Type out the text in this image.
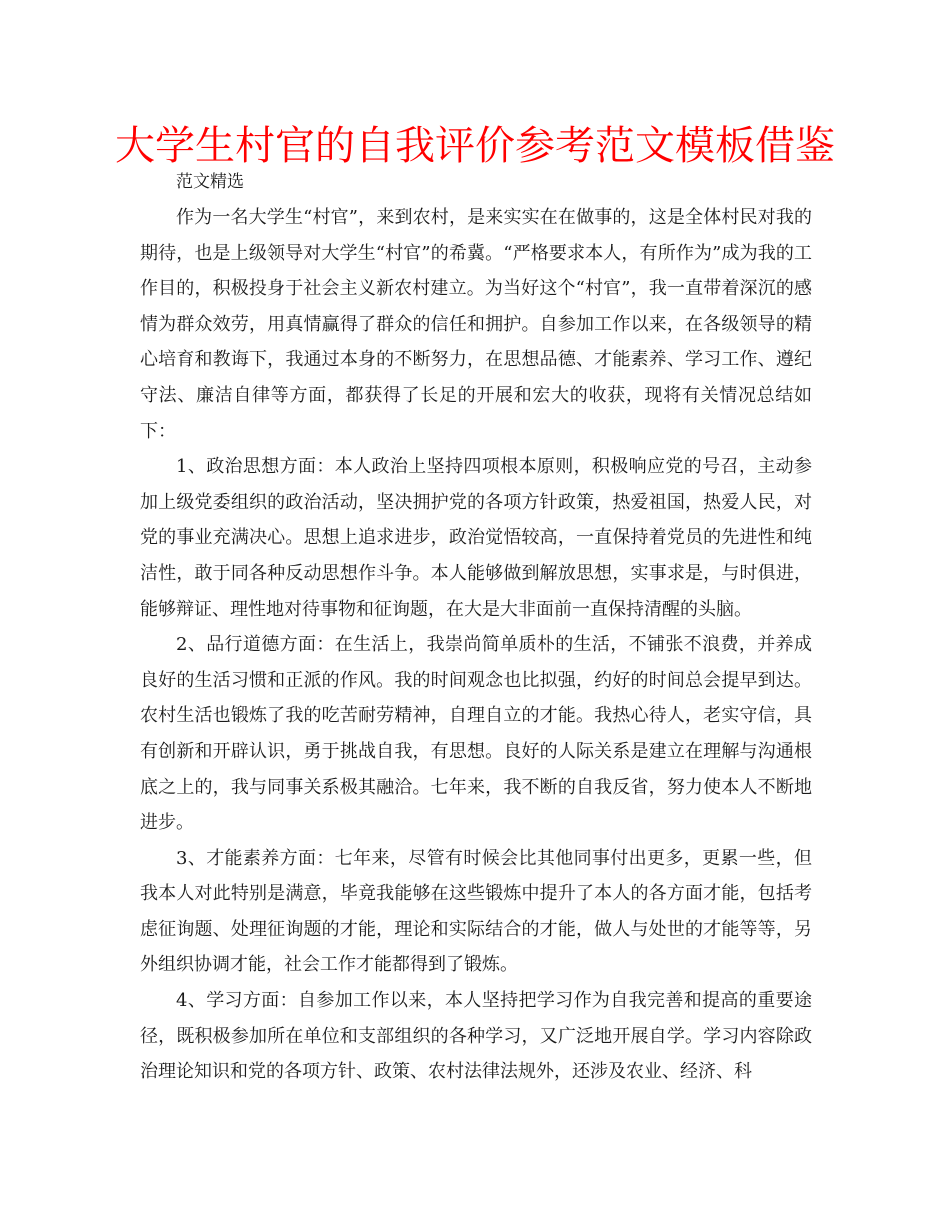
大学生村官的自我评价参考范文模板借鉴
范文精选

作为一名大学生“村官”，来到农村，是来实实在在做事的，这是全体村民对我的期待，也是上级领导对大学生“村官”的希冀。“严格要求本人，有所作为”成为我的工作目的，积极投身于社会主义新农村建立。为当好这个“村官”，我一直带着深沉的感情为群众效劳，用真情赢得了群众的信任和拥护。自参加工作以来，在各级领导的精心培育和教诲下，我通过本身的不断努力，在思想品德、才能素养、学习工作、遵纪守法、廉洁自律等方面，都获得了长足的开展和宏大的收获，现将有关情况总结如下：

1、政治思想方面：本人政治上坚持四项根本原则，积极响应党的号召，主动参加上级党委组织的政治活动，坚决拥护党的各项方针政策，热爱祖国，热爱人民，对党的事业充满决心。思想上追求进步，政治觉悟较高，一直保持着党员的先进性和纯洁性，敢于同各种反动思想作斗争。本人能够做到解放思想，实事求是，与时俱进，能够辩证、理性地对待事物和征询题，在大是大非面前一直保持清醒的头脑。

2、品行道德方面：在生活上，我崇尚简单质朴的生活，不铺张不浪费，并养成良好的生活习惯和正派的作风。我的时间观念也比拟强，约好的时间总会提早到达。农村生活也锻炼了我的吃苦耐劳精神，自理自立的才能。我热心待人，老实守信，具有创新和开辟认识，勇于挑战自我，有思想。良好的人际关系是建立在理解与沟通根底之上的，我与同事关系极其融洽。七年来，我不断的自我反省，努力使本人不断地进步。

3、才能素养方面：七年来，尽管有时候会比其他同事付出更多，更累一些，但我本人对此特别是满意，毕竟我能够在这些锻炼中提升了本人的各方面才能，包括考虑征询题、处理征询题的才能，理论和实际结合的才能，做人与处世的才能等等，另外组织协调才能，社会工作才能都得到了锻炼。

4、学习方面：自参加工作以来，本人坚持把学习作为自我完善和提高的重要途径，既积极参加所在单位和支部组织的各种学习，又广泛地开展自学。学习内容除政治理论知识和党的各项方针、政策、农村法律法规外，还涉及农业、经济、科
